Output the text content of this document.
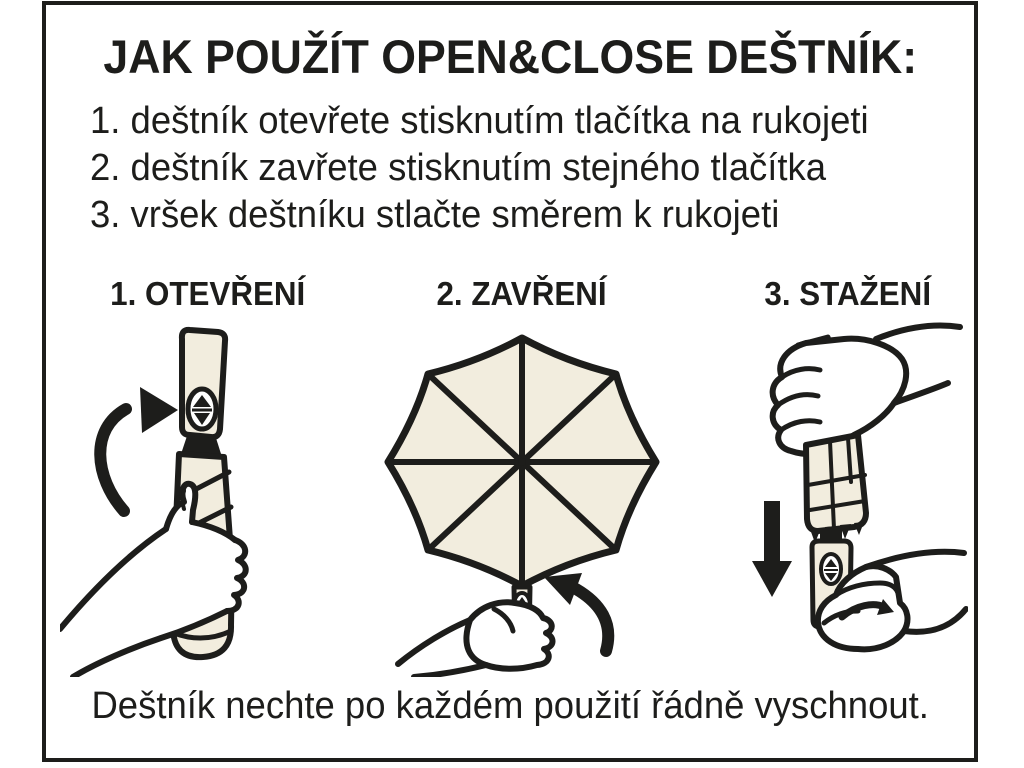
JAK POUŽÍT OPEN&CLOSE DEŠTNÍK:
1. deštník otevřete stisknutím tlačítka na rukojeti
2. deštník zavřete stisknutím stejného tlačítka
3. vršek deštníku stlačte směrem k rukojeti
1. OTEVŘENÍ	2. ZAVŘENÍ	3. STAŽENÍ
Deštník nechte po každém použití řádně vyschnout.
